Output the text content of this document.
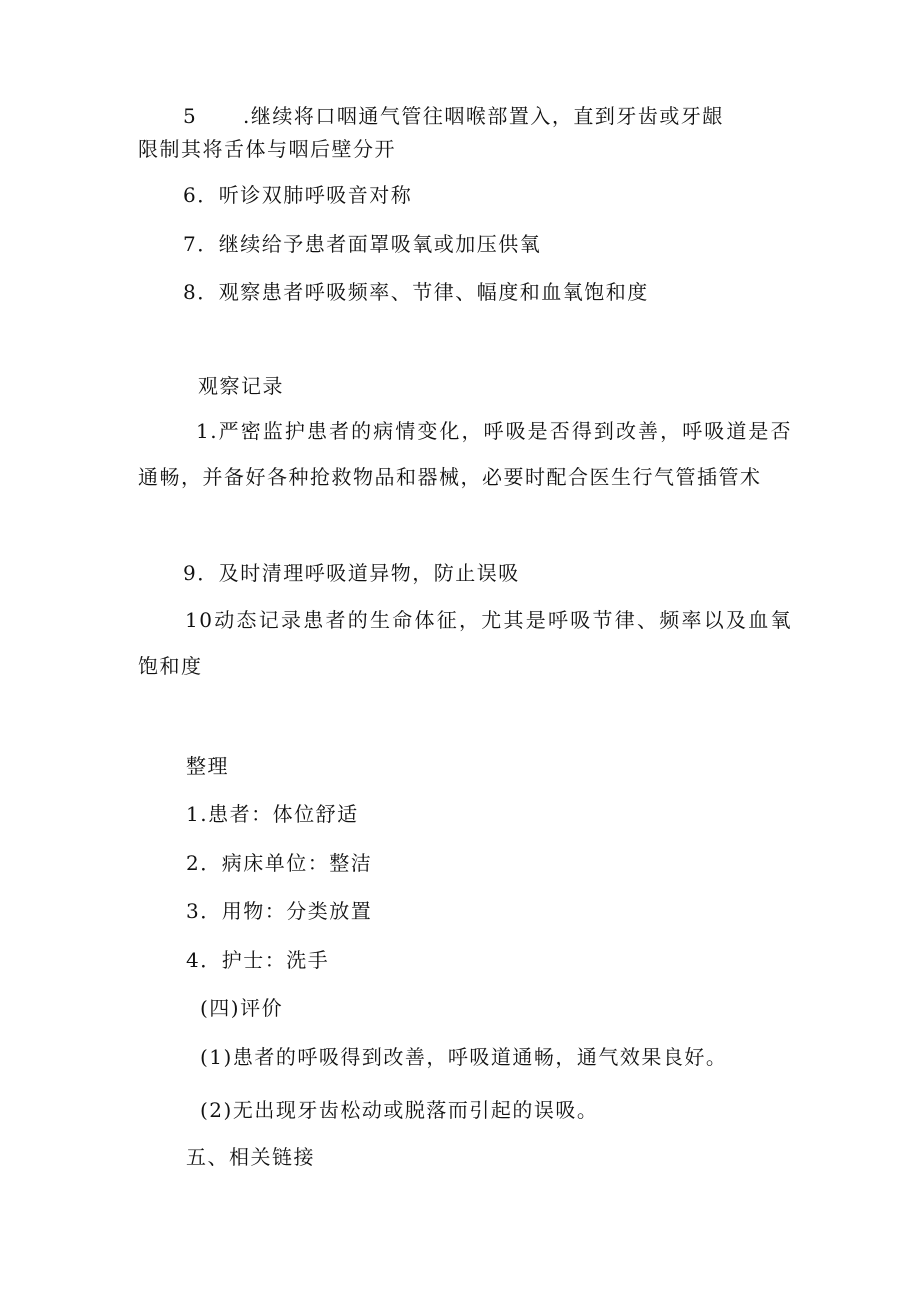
5 .继续将口咽通气管往咽喉部置入，直到牙齿或牙龈
限制其将舌体与咽后壁分开
6．听诊双肺呼吸音对称
7．继续给予患者面罩吸氧或加压供氧
8．观察患者呼吸频率、节律、幅度和血氧饱和度
观察记录
1.严密监护患者的病情变化，呼吸是否得到改善，呼吸道是否通畅，并备好各种抢救物品和器械，必要时配合医生行气管插管术
9．及时清理呼吸道异物，防止误吸
10动态记录患者的生命体征，尤其是呼吸节律、频率以及血氧饱和度
整理
1.患者：体位舒适
2．病床单位：整洁
3．用物：分类放置
4．护士：洗手
(四)评价
(1)患者的呼吸得到改善，呼吸道通畅，通气效果良好。
(2)无出现牙齿松动或脱落而引起的误吸。
五、相关链接
